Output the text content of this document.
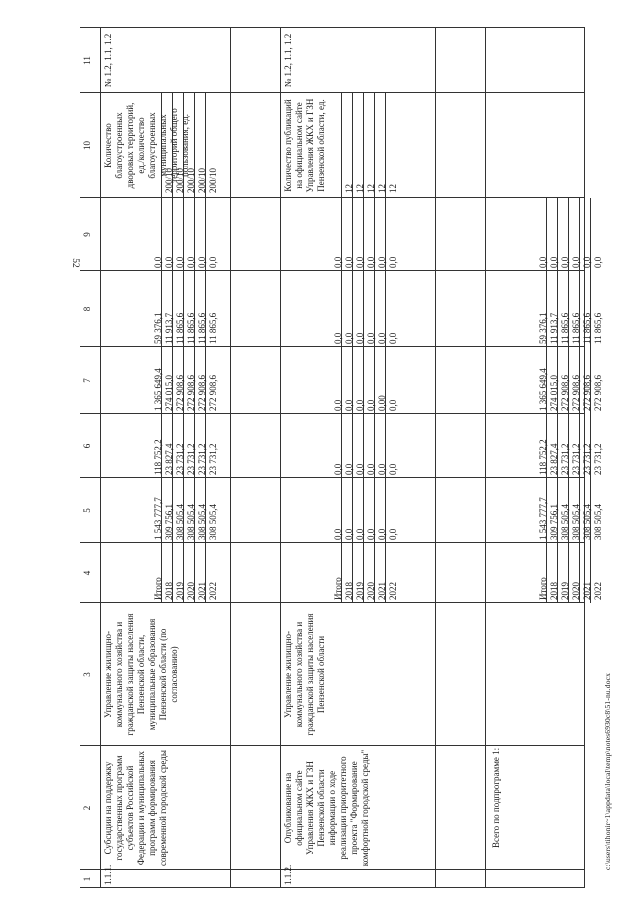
52
c:\users\tihonir~1\appdata\local\temp\notes6930c8\51-nu.docx
1
2
3
4
5
6
7
8
9
10
11
Итого
1 543 777,7
118 752,2
1 365 649,4
59 376,1
0,0
2018
309 756,1
23 827,4
274 015,0
11 913,7
0,0
200/10
2019
308 505,4
23 731,2
272 908,6
11 865,6
0,0
200/10
2020
308 505,4
23 731,2
272 908,6
11 865,6
0,0
200/10
2021
308 505,4
23 731,2
272 908,6
11 865,6
0,0
200/10
2022
308 505,4
23 731,2
272 908,6
11 865,6
0,0
200/10
Итого
0,0
0,0
0,0
0,0
0,0
2018
0,0
0,0
0,0
0,0
0,0
12
2019
0,0
0,0
0,0
0,0
0,0
12
2020
0,0
0,0
0,0
0,0
0,0
12
2021
0,0
0,0
0,00
0,0
0,0
12
2022
0,0
0,0
0,0
0,0
0,0
12
Итого
1 543 777,7
118 752,2
1 365 649,4
59 376,1
0,0
2018
309 756,1
23 827,4
274 015,0
11 913,7
0,0
2019
308 505,4
23 731,2
272 908,6
11 865,6
0,0
2020
308 505,4
23 731,2
272 908,6
11 865,6
0,0
2021
308 505,4
23 731,2
272 908,6
11 865,6
0,0
2022
308 505,4
23 731,2
272 908,6
11 865,6
0,0
1.1.1.
Субсидии на поддержку государственных программ субъектов Российской Федерации и муниципальных программ формирования современной городской среды
Управление жилищно-коммунального хозяйства и гражданской защиты населения Пензенской области, муниципальные образования Пензенской области (по согласованию)
Количество благоустроенных дворовых территорий, ед./количество благоустроенных муниципальных территорий общего пользования, ед.
№ 1.2, 1.1, 1.2
1.1.2.
Опубликование на официальном сайте Управления ЖКХ и ГЗН Пензенской области информации о ходе реализации приоритетного проекта "Формирование комфортной городской среды"
Управление жилищно-коммунального хозяйства и гражданской защиты населения Пензенской области
Количество публикаций на официальном сайте Управления ЖКХ и ГЗН Пензенской области, ед.
№ 1.2, 1.1, 1.2
Всего по подпрограмме 1:
